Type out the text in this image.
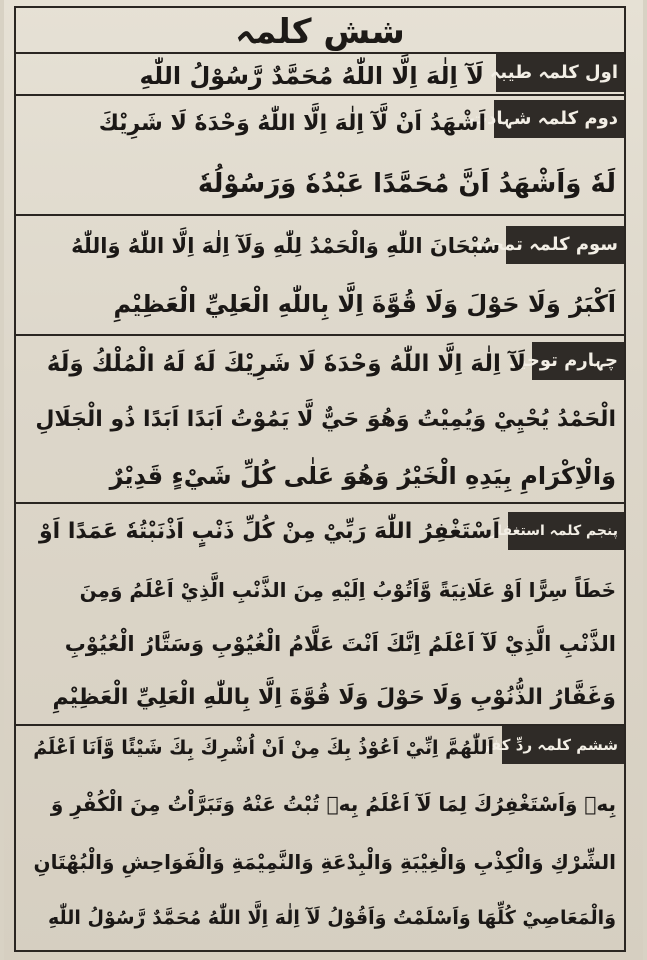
شش کلمہ
اول کلمہ طیبہ
لَآ اِلٰهَ اِلَّا اللّٰهُ مُحَمَّدٌ رَّسُوْلُ اللّٰهِ
دوم کلمہ شہادت
اَشْهَدُ اَنْ لَّآ اِلٰهَ اِلَّا اللّٰهُ وَحْدَهٗ لَا شَرِيْكَ
لَهٗ وَاَشْهَدُ اَنَّ مُحَمَّدًا عَبْدُهٗ وَرَسُوْلُهٗ
سوم کلمہ تمجید
سُبْحَانَ اللّٰهِ وَالْحَمْدُ لِلّٰهِ وَلَآ اِلٰهَ اِلَّا اللّٰهُ وَاللّٰهُ
اَكْبَرُ وَلَا حَوْلَ وَلَا قُوَّةَ اِلَّا بِاللّٰهِ الْعَلِيِّ الْعَظِيْمِ
چہارم توحید
لَآ اِلٰهَ اِلَّا اللّٰهُ وَحْدَهٗ لَا شَرِيْكَ لَهٗ لَهُ الْمُلْكُ وَلَهُ
الْحَمْدُ يُحْيِيْ وَيُمِيْتُ وَهُوَ حَيٌّ لَّا يَمُوْتُ اَبَدًا اَبَدًا ذُو الْجَلَالِ
وَالْاِكْرَامِ بِيَدِهِ الْخَيْرُ وَهُوَ عَلٰى كُلِّ شَيْءٍ قَدِيْرٌ
پنجم کلمہ استغفار
اَسْتَغْفِرُ اللّٰهَ رَبِّيْ مِنْ كُلِّ ذَنْبٍ اَذْنَبْتُهٗ عَمَدًا اَوْ
خَطَاً سِرًّا اَوْ عَلَانِيَةً وَّاَتُوْبُ اِلَيْهِ مِنَ الذَّنْبِ الَّذِيْ اَعْلَمُ وَمِنَ
الذَّنْبِ الَّذِيْ لَآ اَعْلَمُ اِنَّكَ اَنْتَ عَلَّامُ الْغُيُوْبِ وَسَتَّارُ الْعُيُوْبِ
وَغَفَّارُ الذُّنُوْبِ وَلَا حَوْلَ وَلَا قُوَّةَ اِلَّا بِاللّٰهِ الْعَلِيِّ الْعَظِيْمِ
ششم کلمہ ردِّ کفر
اَللّٰهُمَّ اِنِّيْ اَعُوْذُ بِكَ مِنْ اَنْ اُشْرِكَ بِكَ شَيْئًا وَّاَنَا اَعْلَمُ
بِهٖ وَاَسْتَغْفِرُكَ لِمَا لَآ اَعْلَمُ بِهٖ تُبْتُ عَنْهُ وَتَبَرَّاْتُ مِنَ الْكُفْرِ وَ
الشِّرْكِ وَالْكِذْبِ وَالْغِيْبَةِ وَالْبِدْعَةِ وَالنَّمِيْمَةِ وَالْفَوَاحِشِ وَالْبُهْتَانِ
وَالْمَعَاصِيْ كُلِّهَا وَاَسْلَمْتُ وَاَقُوْلُ لَآ اِلٰهَ اِلَّا اللّٰهُ مُحَمَّدٌ رَّسُوْلُ اللّٰهِ
